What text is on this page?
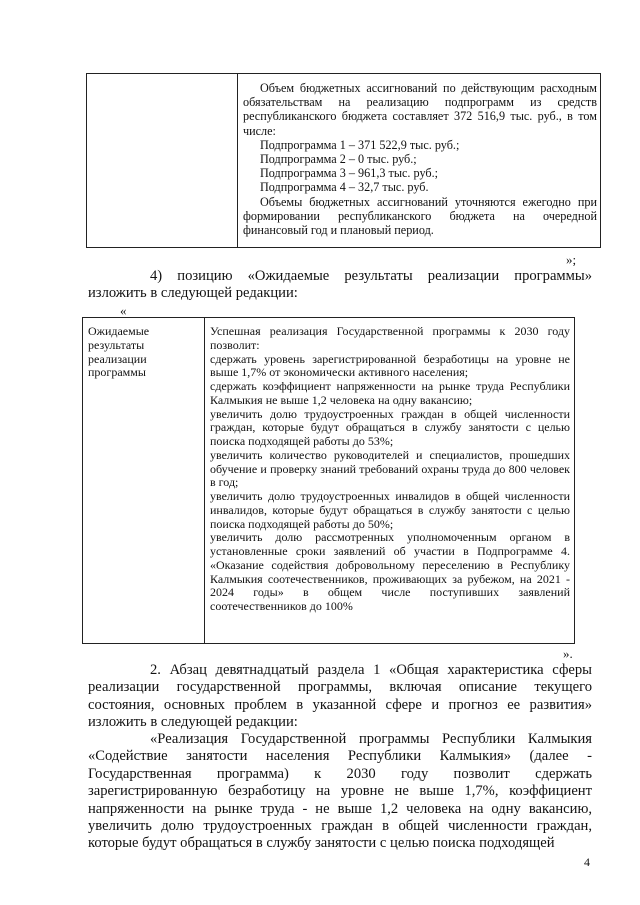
Объем бюджетных ассигнований по действующим расходным обязательствам на реализацию подпрограмм из средств республиканского бюджета составляет 372 516,9 тыс. руб., в том числе:

Подпрограмма 1 – 371 522,9 тыс. руб.;

Подпрограмма 2 – 0 тыс. руб.;

Подпрограмма 3 – 961,3 тыс. руб.;

Подпрограмма 4 – 32,7 тыс. руб.

Объемы бюджетных ассигнований уточняются ежегодно при формировании республиканского бюджета на очередной финансовый год и плановый период.

»;

4) позицию «Ожидаемые результаты реализации программы» изложить в следующей редакции:

«

Ожидаемые результаты реализации программы

Успешная реализация Государственной программы к 2030 году позволит:

сдержать уровень зарегистрированной безработицы на уровне не выше 1,7% от экономически активного населения;

сдержать коэффициент напряженности на рынке труда Республики Калмыкия не выше 1,2 человека на одну вакансию;

увеличить долю трудоустроенных граждан в общей численности граждан, которые будут обращаться в службу занятости с целью поиска подходящей работы до 53%;

увеличить количество руководителей и специалистов, прошедших обучение и проверку знаний требований охраны труда до 800 человек в год;

увеличить долю трудоустроенных инвалидов в общей численности инвалидов, которые будут обращаться в службу занятости с целью поиска подходящей работы до 50%;

увеличить долю рассмотренных уполномоченным органом в установленные сроки заявлений об участии в Подпрограмме 4. «Оказание содействия добровольному переселению в Республику Калмыкия соотечественников, проживающих за рубежом, на 2021 - 2024 годы» в общем числе поступивших заявлений соотечественников до 100%

».

2. Абзац девятнадцатый раздела 1 «Общая характеристика сферы реализации государственной программы, включая описание текущего состояния, основных проблем в указанной сфере и прогноз ее развития» изложить в следующей редакции:

«Реализация Государственной программы Республики Калмыкия «Содействие занятости населения Республики Калмыкия» (далее - Государственная программа) к 2030 году позволит сдержать зарегистрированную безработицу на уровне не выше 1,7%, коэффициент напряженности на рынке труда - не выше 1,2 человека на одну вакансию, увеличить долю трудоустроенных граждан в общей численности граждан, которые будут обращаться в службу занятости с целью поиска подходящей

4
